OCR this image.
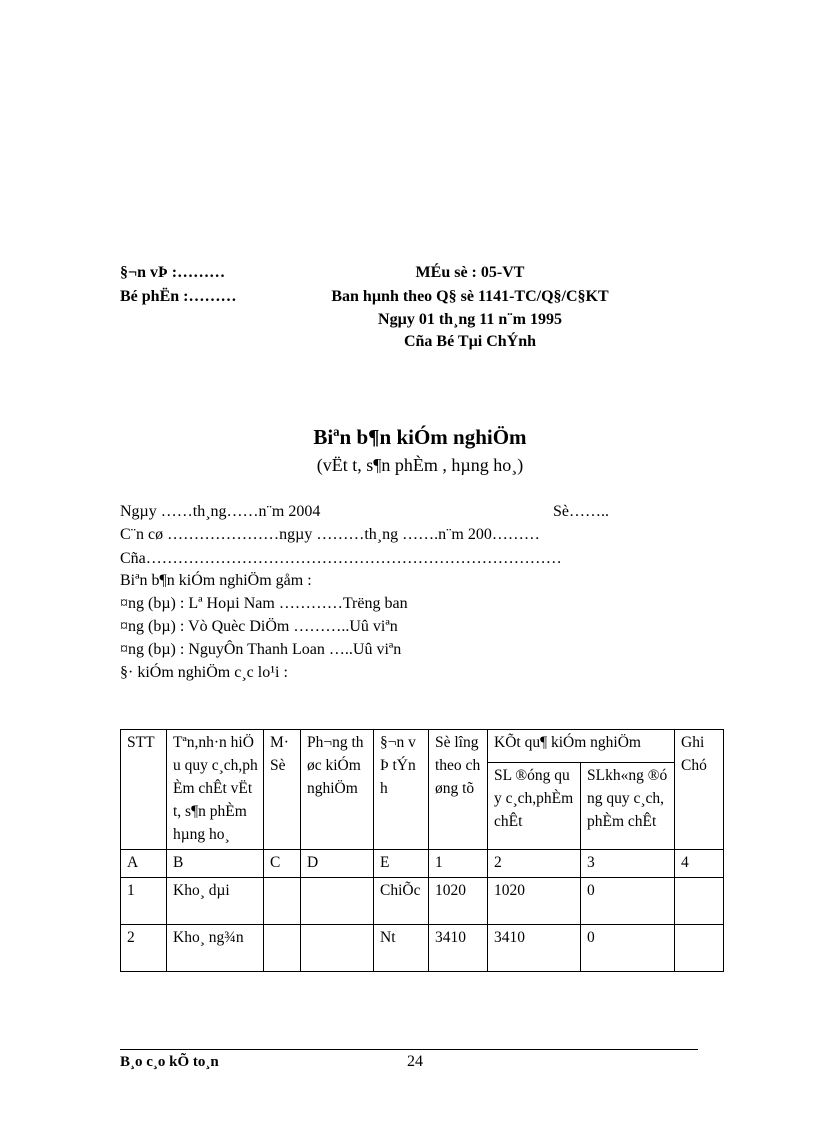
§¬n vÞ :………
Bé phËn :………
MÉu sè : 05-VT
Ban hµnh theo Q§ sè 1141-TC/Q§/C§KT
Ngµy 01 th¸ng 11 n¨m 1995
Cña Bé Tµi ChÝnh
Biªn b¶n kiÓm nghiÖm
(vËt t, s¶n phÈm , hµng ho¸)
Ngµy ……th¸ng……n¨m 2004	Sè……..
C¨n cø …………………ngµy ………th¸ng …….n¨m 200………
Cña……………………………………………………………………
Biªn b¶n kiÓm nghiÖm gåm :
¤ng (bµ) : Lª Hoµi Nam …………Trëng ban
¤ng (bµ) : Vò Quèc DiÖm ………..Uû viªn
¤ng (bµ) : NguyÔn Thanh Loan …..Uû viªn
§· kiÓm nghiÖm c¸c lo¹i :
STT	Tªn,nh·n hiÖu quy c¸ch,phÈm chÊt vËt t, s¶n phÈm hµng ho¸	M· Sè	Ph¬ng thøc kiÓm nghiÖm	§¬n vÞ tÝnh	Sè lîng theo chøng tõ	KÕt qu¶ kiÓm nghiÖm		Ghi Chó
						SL ®óng quy c¸ch,phÈm chÊt	SLkh«ng ®óng quy c¸ch,phÈm chÊt	
A	B	C	D	E	1	2	3	4
1	Kho¸ dµi			ChiÕc	1020	1020	0	
2	Kho¸ ng¾n			Nt	3410	3410	0	
B¸o c¸o kÕ to¸n	24
